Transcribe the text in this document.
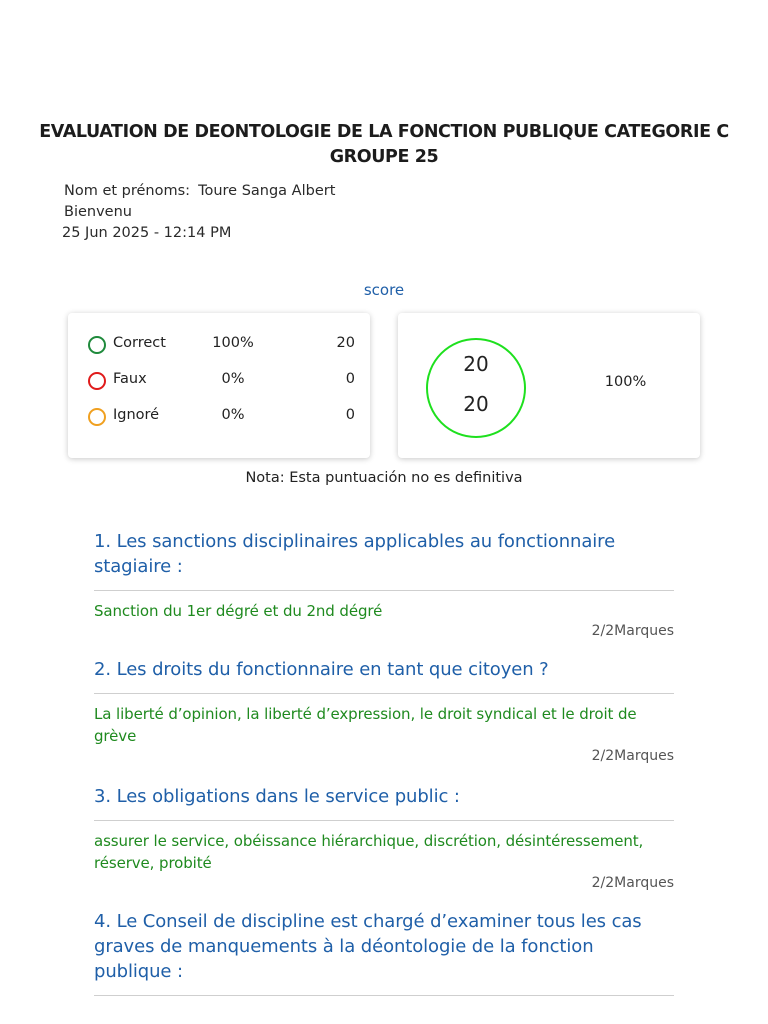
EVALUATION DE DEONTOLOGIE DE LA FONCTION PUBLIQUE CATEGORIE C GROUPE 25
Nom et prénoms: Toure Sanga Albert
Bienvenu
25 Jun 2025 - 12:14 PM
score
Correct	100%	20
Faux	0%	0
Ignoré	0%	0
20
20
100%
Nota: Esta puntuación no es definitiva
1. Les sanctions disciplinaires applicables au fonctionnaire stagiaire :
Sanction du 1er dégré et du 2nd dégré
2/2Marques
2. Les droits du fonctionnaire en tant que citoyen ?
La liberté d’opinion, la liberté d’expression, le droit syndical et le droit de grève
2/2Marques
3. Les obligations dans le service public :
assurer le service, obéissance hiérarchique, discrétion, désintéressement, réserve, probité
2/2Marques
4. Le Conseil de discipline est chargé d’examiner tous les cas graves de manquements à la déontologie de la fonction publique :
